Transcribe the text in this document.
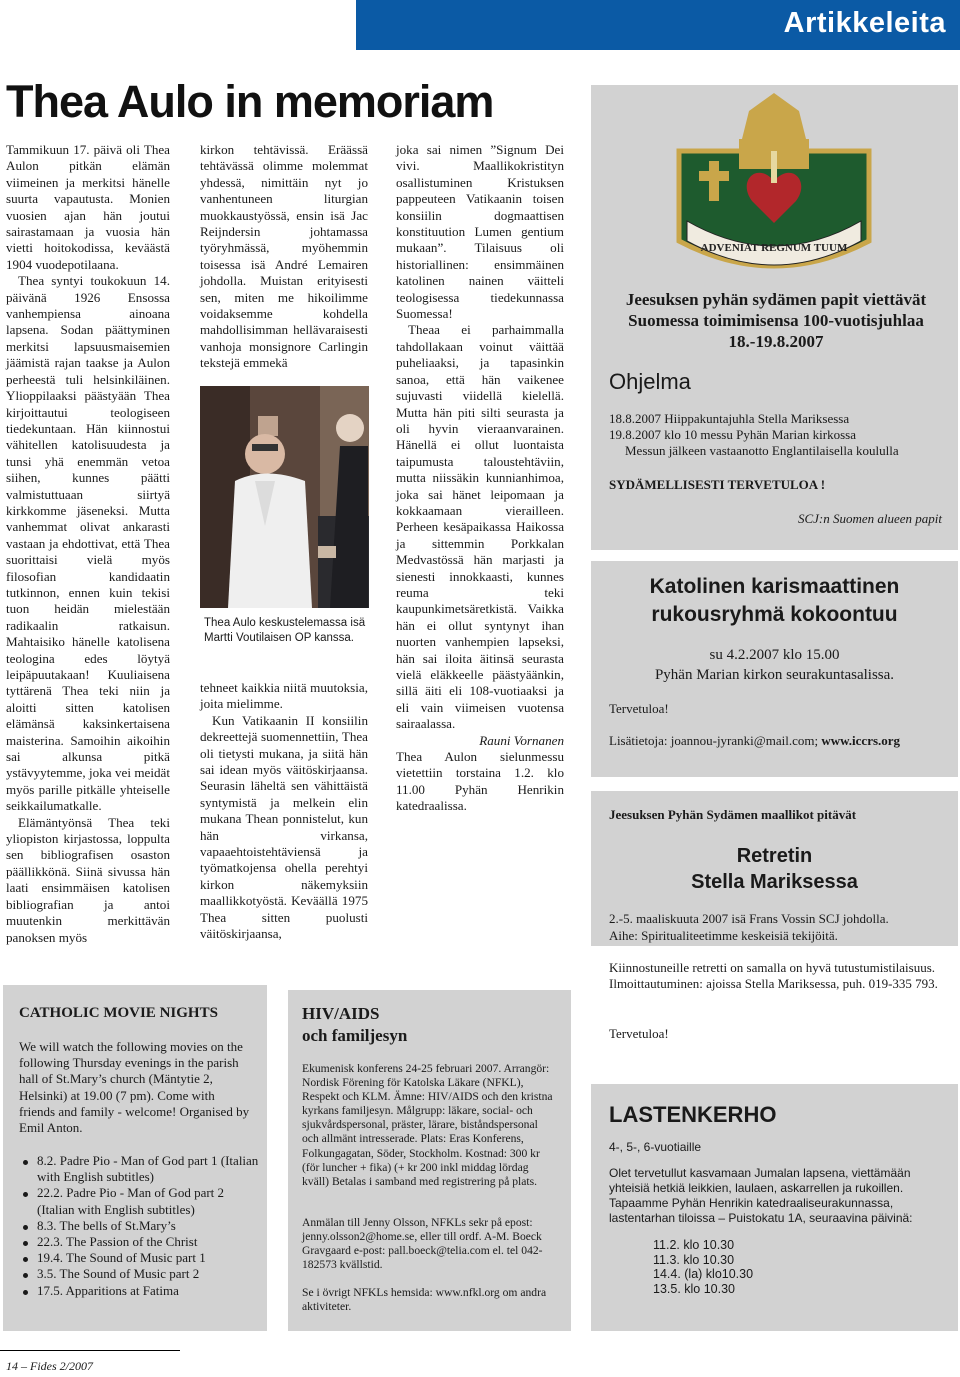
Artikkeleita
Thea Aulo in memoriam

Tammikuun 17. päivä oli Thea Aulon pitkän elämän viimeinen ja merkitsi hänelle suurta vapautusta. Monien vuosien ajan hän joutui sairastamaan ja vuosia hän vietti hoitokodissa, keväästä 1904 vuodepotilaana.

Thea syntyi toukokuun 14. päivänä 1926 Ensossa vanhempiensa ainoana lapsena. Sodan päättyminen merkitsi lapsuusmaisemien jäämistä rajan taakse ja Aulon perheestä tuli helsinkiläinen. Ylioppilaaksi päästyään Thea kirjoittautui teologiseen tiedekuntaan. Hän kiinnostui vähitellen katolisuudesta ja tunsi yhä enemmän vetoa siihen, kunnes päätti valmistuttuaan siirtyä kirkkomme jäseneksi. Mutta vanhemmat olivat ankarasti vastaan ja ehdottivat, että Thea suorittaisi vielä myös filosofian kandidaatin tutkinnon, ennen kuin tekisi tuon heidän mielestään radikaalin ratkaisun. Mahtaisiko hänelle katolisena teologina edes löytyä leipäpuutakaan! Kuuliaisena tyttärenä Thea teki niin ja aloitti sitten katolisen elämänsä kaksinkertaisena maisterina. Samoihin aikoihin sai alkunsa pitkä ystävyytemme, joka vei meidät myös parille pitkälle yhteiselle seikkailumatkalle.

Elämäntyönsä Thea teki yliopiston kirjastossa, loppulta sen bibliografisen osaston päällikkönä. Siinä sivussa hän laati ensimmäisen katolisen bibliografian ja antoi muutenkin merkittävän panoksen myös

kirkon tehtävissä. Eräässä tehtävässä olimme molemmat yhdessä, nimittäin nyt jo vanhentuneen liturgian muokkaustyössä, ensin isä Jac Reijndersin johtamassa työryhmässä, myöhemmin toisessa isä André Lemairen johdolla. Muistan erityisesti sen, miten me hikoilimme voidaksemme kohdella mahdollisimman hellävaraisesti vanhoja monsignore Carlingin tekstejä emmekä

Thea Aulo keskustelemassa isä Martti Voutilaisen OP kanssa.

tehneet kaikkia niitä muutoksia, joita mielimme.

Kun Vatikaanin II konsiilin dekreettejä suomennettiin, Thea oli tietysti mukana, ja siitä hän sai idean myös väitöskirjaansa. Seurasin läheltä sen vähittäistä syntymistä ja melkein elin mukana Thean ponnistelut, kun hän virkansa, vapaaehtoistehtäviensä ja työmatkojensa ohella perehtyi kirkon näkemyksiin maallikkotyöstä. Keväällä 1975 Thea sitten puolusti väitöskirjaansa,

joka sai nimen ”Signum Dei vivi. Maallikokristityn osallistuminen Kristuksen pappeuteen Vatikaanin toisen konsiilin dogmaattisen konstituution Lumen gentium mukaan”. Tilaisuus oli historiallinen: ensimmäinen katolinen nainen väitteli teologisessa tiedekunnassa Suomessa!

Theaa ei parhaimmalla tahdollakaan voinut väittää puheliaaksi, ja tapasinkin sanoa, että hän vaikenee sujuvasti viidellä kielellä. Mutta hän piti silti seurasta ja oli hyvin vieraanvarainen. Hänellä ei ollut luontaista taipumusta taloustehtäviin, mutta niissäkin kunnianhimoa, joka sai hänet leipomaan ja kokkaamaan vierailleen. Perheen kesäpaikassa Haikossa ja sittemmin Porkkalan Medvastössä hän marjasti ja sienesti innokkaasti, kunnes reuma teki kaupunkimetsäretkistä. Vaikka hän ei ollut syntynyt ihan nuorten vanhempien lapseksi, hän sai iloita äitinsä seurasta vielä eläkkeelle päästyäänkin, sillä äiti eli 108-vuotiaaksi ja eli vain viimeisen vuotensa sairaalassa.

Rauni Vornanen

Thea Aulon sielunmessu vietettiin torstaina 1.2. klo 11.00 Pyhän Henrikin katedraalissa.

ADVENIAT REGNUM TUUM
Jeesuksen pyhän sydämen papit viettävät Suomessa toimimisensa 100-vuotisjuhlaa 18.-19.8.2007
Ohjelma
18.8.2007 Hiippakuntajuhla Stella Mariksessa
19.8.2007 klo 10 messu Pyhän Marian kirkossa
Messun jälkeen vastaanotto Englantilaisella koululla
SYDÄMELLISESTI TERVETULOA !
SCJ:n Suomen alueen papit
Katolinen karismaattinen rukousryhmä kokoontuu
su 4.2.2007 klo 15.00
Pyhän Marian kirkon seurakuntasalissa.
Tervetuloa!
Lisätietoja: joannou-jyranki@mail.com; www.iccrs.org
Jeesuksen Pyhän Sydämen maallikot pitävät
Retretin
Stella Mariksessa
2.-5. maaliskuuta 2007 isä Frans Vossin SCJ johdolla.
Aihe: Spiritualiteetimme keskeisiä tekijöitä.
Kiinnostuneille retretti on samalla on hyvä tutustumistilaisuus. Ilmoittautuminen: ajoissa Stella Mariksessa, puh. 019-335 793.
Tervetuloa!
CATHOLIC MOVIE NIGHTS
We will watch the following movies on the following Thursday evenings in the parish hall of St.Mary’s church (Mäntytie 2, Helsinki) at 19.00 (7 pm). Come with friends and family - welcome! Organised by Emil Anton.
8.2. Padre Pio - Man of God part 1 (Italian with English subtitles)
22.2. Padre Pio - Man of God part 2 (Italian with English subtitles)
8.3. The bells of St.Mary’s
22.3. The Passion of the Christ
19.4. The Sound of Music part 1
3.5. The Sound of Music part 2
17.5. Apparitions at Fatima
HIV/AIDS
och familjesyn
Ekumenisk konferens 24-25 februari 2007. Arrangör: Nordisk Förening för Katolska Läkare (NFKL), Respekt och KLM. Ämne: HIV/AIDS och den kristna kyrkans familjesyn. Målgrupp: läkare, social- och sjukvårdspersonal, präster, lärare, biståndspersonal och allmänt intresserade. Plats: Eras Konferens, Folkungagatan, Söder, Stockholm. Kostnad: 300 kr (för luncher + fika) (+ kr 200 inkl middag lördag kväll) Betalas i samband med registrering på plats.
Anmälan till Jenny Olsson, NFKLs sekr på epost: jenny.olsson2@home.se, eller till ordf. A-M. Boeck Gravgaard e-post: pall.boeck@telia.com el. tel 042-182573 kvällstid.
Se i övrigt NFKLs hemsida: www.nfkl.org om andra aktiviteter.
LASTENKERHO
4-, 5-, 6-vuotiaille
Olet tervetullut kasvamaan Jumalan lapsena, viettämään yhteisiä hetkiä leikkien, laulaen, askarrellen ja rukoillen. Tapaamme Pyhän Henrikin katedraaliseurakunnassa, lastentarhan tiloissa – Puistokatu 1A, seuraavina päivinä:
11.2. klo 10.30
11.3. klo 10.30
14.4. (la) klo10.30
13.5. klo 10.30
14 – Fides 2/2007
